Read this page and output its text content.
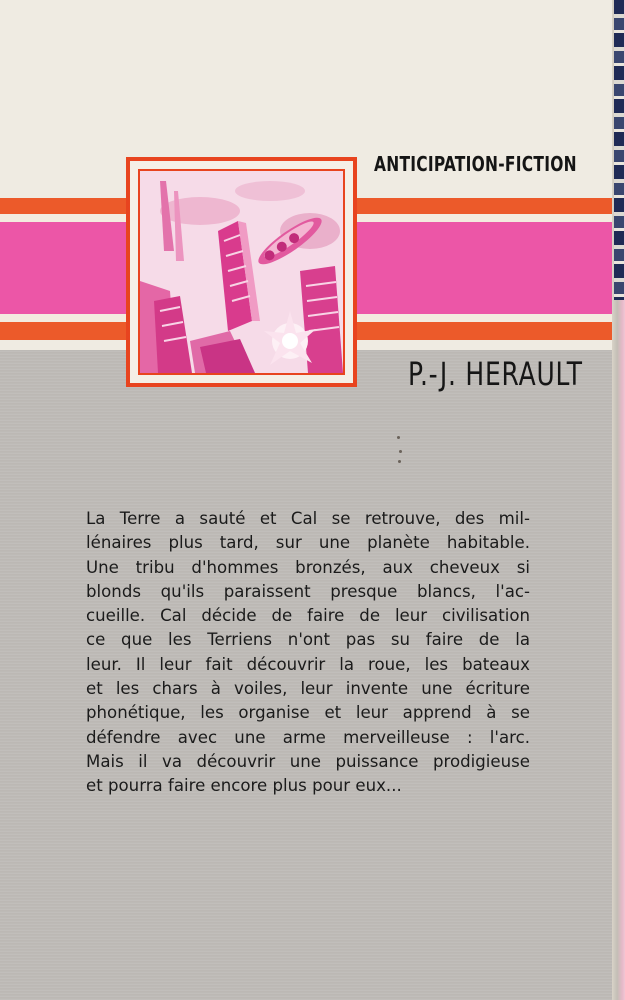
ANTICIPATION-FICTION
P.-J. HERAULT
La Terre a sauté et Cal se retrouve, des mil-
lénaires plus tard, sur une planète habitable.
Une tribu d'hommes bronzés, aux cheveux si
blonds qu'ils paraissent presque blancs, l'ac-
cueille. Cal décide de faire de leur civilisation
ce que les Terriens n'ont pas su faire de la
leur. Il leur fait découvrir la roue, les bateaux
et les chars à voiles, leur invente une écriture
phonétique, les organise et leur apprend à se
défendre avec une arme merveilleuse : l'arc.
Mais il va découvrir une puissance prodigieuse
et pourra faire encore plus pour eux...
